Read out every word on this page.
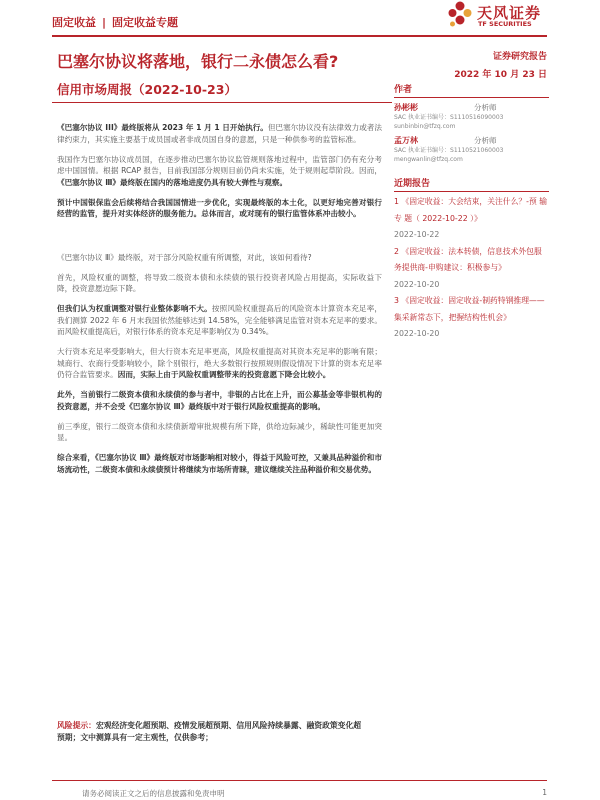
固定收益 | 固定收益专题
天风证券
TF SECURITIES
巴塞尔协议将落地，银行二永债怎么看?
信用市场周报（2022-10-23）
证券研究报告
2022 年 10 月 23 日
作者
孙彬彬	分析师
SAC 执业证书编号：S1110516090003
sunbinbin@tfzq.com
孟万林	分析师
SAC 执业证书编号：S1110521060003
mengwanlin@tfzq.com
近期报告
1 《固定收益：大会结束，关注什么？-预 输 专 题（ 2022-10-22 ）》
2022-10-22
2 《固定收益：法本转债，信息技术外包服务提供商-申购建议：积极参与》
2022-10-20
3 《固定收益：固定收益-制药特钢推理——集采新常态下，把握结构性机会》
2022-10-20

《巴塞尔协议 III》最终版将从 2023 年 1 月 1 日开始执行。但巴塞尔协议没有法律效力或者法律约束力，其实施主要基于成员国或者非成员国自身的意愿，只是一种供参考的监管标准。

我国作为巴塞尔协议成员国，在逐步推动巴塞尔协议监管规则落地过程中，监管部门仍有充分考虑中国国情。根据 RCAP 报告，目前我国部分规则目前仍尚未实施，处于规则起草阶段。因而，《巴塞尔协议 Ⅲ》最终版在国内的落地进度仍具有较大弹性与观察。

预计中国银保监会后续将结合我国国情进一步优化，实现最终版的本土化，以更好地完善对银行经营的监管，提升对实体经济的服务能力。总体而言，或对现有的银行监管体系冲击较小。

《巴塞尔协议 Ⅲ》最终版，对于部分风险权重有所调整，对此，该如何看待?

首先，风险权重的调整，将导致二级资本债和永续债的银行投资者风险占用提高，实际收益下降，投资意愿边际下降。

但我们认为权重调整对银行业整体影响不大。按照风险权重提高后的风险资本计算资本充足率，我们测算 2022 年 6 月末我国依然能够达到 14.58%，完全能够满足监管对资本充足率的要求。而风险权重提高后，对银行体系的资本充足率影响仅为 0.34%。

大行资本充足率受影响大，但大行资本充足率更高，风险权重提高对其资本充足率的影响有限；城商行、农商行受影响较小，除个别银行，绝大多数银行按照规则假设情况下计算的资本充足率仍符合监管要求。因而，实际上由于风险权重调整带来的投资意愿下降会比较小。

此外，当前银行二级资本债和永续债的参与者中，非银的占比在上升，而公募基金等非银机构的投资意愿，并不会受《巴塞尔协议 Ⅲ》最终版中对于银行风险权重提高的影响。

前三季度，银行二级资本债和永续债新增审批规模有所下降，供给边际减少，稀缺性可能更加突显。

综合来看，《巴塞尔协议 Ⅲ》最终版对市场影响相对较小，得益于风险可控，又兼具品种溢价和市场流动性，二级资本债和永续债预计将继续为市场所青睐，建议继续关注品种溢价和交易优势。

风险提示：宏观经济变化超预期、疫情发展超预期、信用风险持续暴露、融资政策变化超预期；文中测算具有一定主观性，仅供参考；
请务必阅读正文之后的信息披露和免责申明	1
